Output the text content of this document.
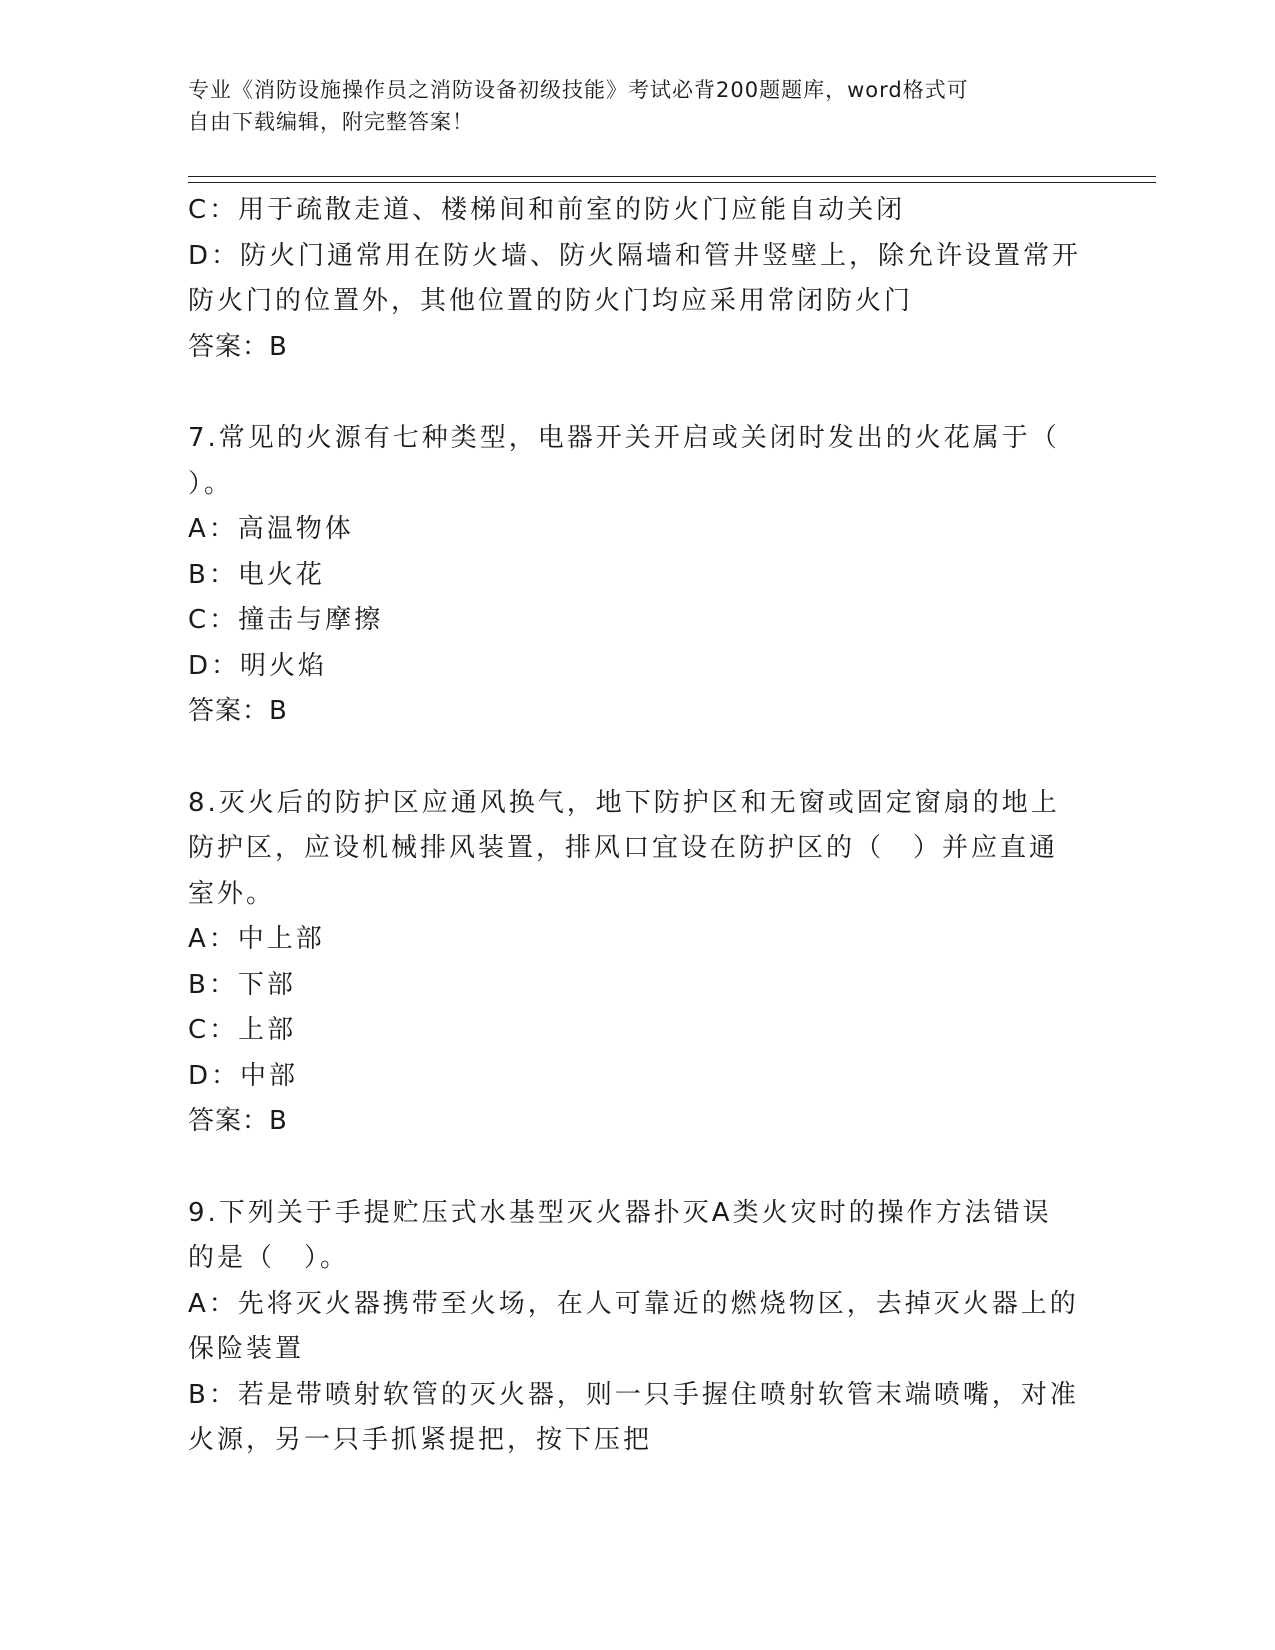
专业《消防设施操作员之消防设备初级技能》考试必背200题题库，word格式可
自由下载编辑，附完整答案！
C：用于疏散走道、楼梯间和前室的防火门应能自动关闭
D：防火门通常用在防火墙、防火隔墙和管井竖壁上，除允许设置常开
防火门的位置外，其他位置的防火门均应采用常闭防火门
答案：B
7.常见的火源有七种类型，电器开关开启或关闭时发出的火花属于（
）。
A：高温物体
B：电火花
C：撞击与摩擦
D：明火焰
答案：B
8.灭火后的防护区应通风换气，地下防护区和无窗或固定窗扇的地上
防护区，应设机械排风装置，排风口宜设在防护区的（　）并应直通
室外。
A：中上部
B：下部
C：上部
D：中部
答案：B
9.下列关于手提贮压式水基型灭火器扑灭A类火灾时的操作方法错误
的是（　）。
A：先将灭火器携带至火场，在人可靠近的燃烧物区，去掉灭火器上的
保险装置
B：若是带喷射软管的灭火器，则一只手握住喷射软管末端喷嘴，对准
火源，另一只手抓紧提把，按下压把
